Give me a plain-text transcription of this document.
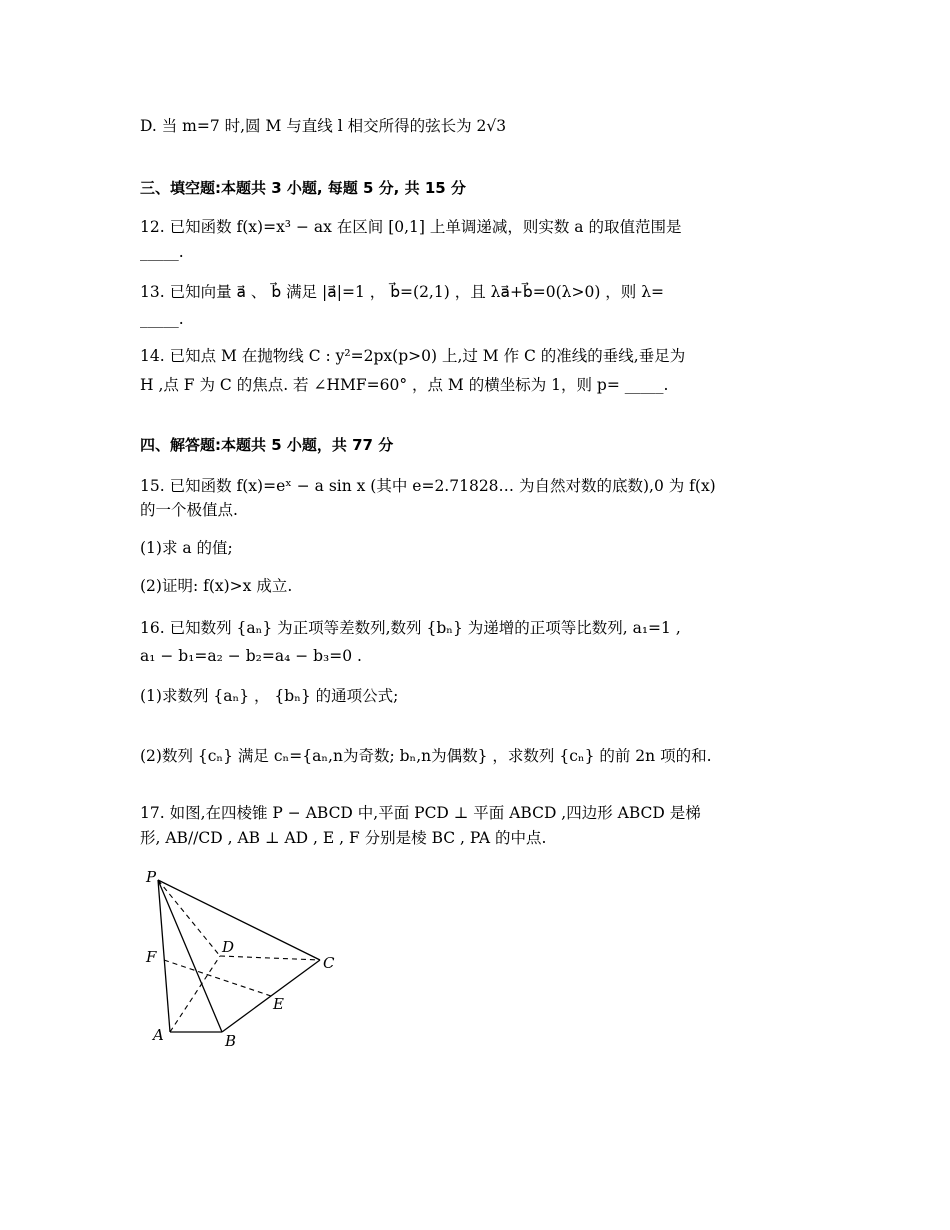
D. 当 m=7 时,圆 M 与直线 l 相交所得的弦长为 2√3
三、填空题:本题共 3 小题, 每题 5 分, 共 15 分
12. 已知函数 f(x)=x³ − ax 在区间 [0,1] 上单调递减，则实数 a 的取值范围是
_____.
13. 已知向量 a⃗ 、 b⃗ 满足 |a⃗|=1 ， b⃗=(2,1) ，且 λa⃗+b⃗=0(λ>0) ，则 λ=
_____.
14. 已知点 M 在抛物线 C : y²=2px(p>0) 上,过 M 作 C 的准线的垂线,垂足为
H ,点 F 为 C 的焦点. 若 ∠HMF=60° ，点 M 的横坐标为 1，则 p= _____.
四、解答题:本题共 5 小题，共 77 分
15. 已知函数 f(x)=eˣ − a sin x (其中 e=2.71828… 为自然对数的底数),0 为 f(x)
的一个极值点.
(1)求 a 的值;
(2)证明: f(x)>x 成立.
16. 已知数列 {aₙ} 为正项等差数列,数列 {bₙ} 为递增的正项等比数列, a₁=1 ,
a₁ − b₁=a₂ − b₂=a₄ − b₃=0 .
(1)求数列 {aₙ} ， {bₙ} 的通项公式;
(2)数列 {cₙ} 满足 cₙ={aₙ,n为奇数; bₙ,n为偶数} ，求数列 {cₙ} 的前 2n 项的和.
17. 如图,在四棱锥 P − ABCD 中,平面 PCD ⊥ 平面 ABCD ,四边形 ABCD 是梯
形, AB//CD , AB ⊥ AD , E , F 分别是棱 BC , PA 的中点.
P
D
F	C
E
A	B
